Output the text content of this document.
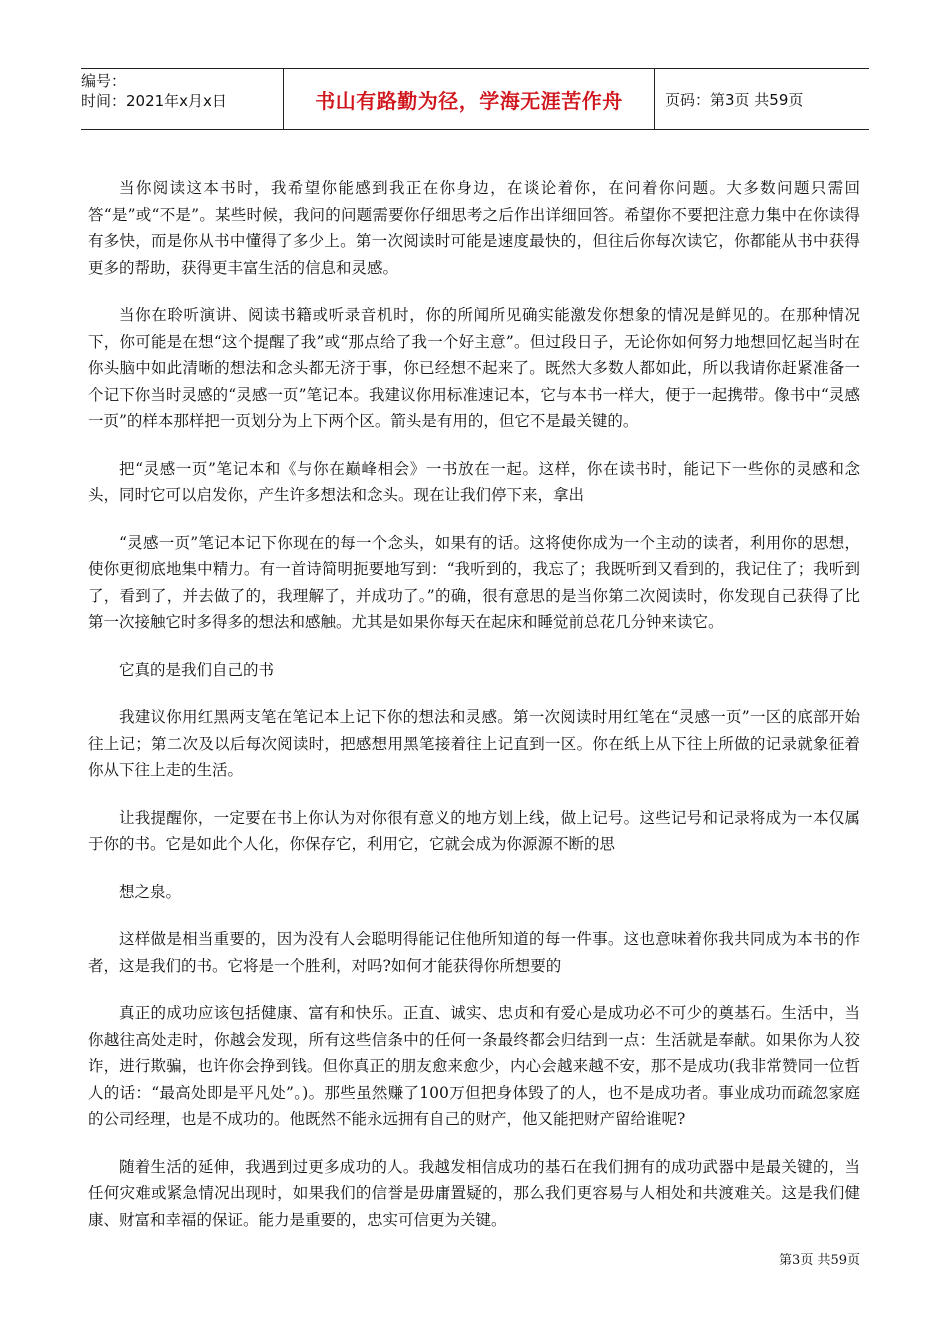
编号：
时间：2021年x月x日	书山有路勤为径，学海无涯苦作舟	页码：第3页 共59页

当你阅读这本书时，我希望你能感到我正在你身边，在谈论着你，在问着你问题。大多数问题只需回答“是”或“不是”。某些时候，我问的问题需要你仔细思考之后作出详细回答。希望你不要把注意力集中在你读得有多快，而是你从书中懂得了多少上。第一次阅读时可能是速度最快的，但往后你每次读它，你都能从书中获得更多的帮助，获得更丰富生活的信息和灵感。

当你在聆听演讲、阅读书籍或听录音机时，你的所闻所见确实能激发你想象的情况是鲜见的。在那种情况下，你可能是在想“这个提醒了我”或“那点给了我一个好主意”。但过段日子，无论你如何努力地想回忆起当时在你头脑中如此清晰的想法和念头都无济于事，你已经想不起来了。既然大多数人都如此，所以我请你赶紧准备一个记下你当时灵感的“灵感一页”笔记本。我建议你用标准速记本，它与本书一样大，便于一起携带。像书中“灵感一页”的样本那样把一页划分为上下两个区。箭头是有用的，但它不是最关键的。

把“灵感一页”笔记本和《与你在巅峰相会》一书放在一起。这样，你在读书时，能记下一些你的灵感和念头，同时它可以启发你，产生许多想法和念头。现在让我们停下来，拿出

“灵感一页”笔记本记下你现在的每一个念头，如果有的话。这将使你成为一个主动的读者，利用你的思想，使你更彻底地集中精力。有一首诗简明扼要地写到：“我听到的，我忘了；我既听到又看到的，我记住了；我听到了，看到了，并去做了的，我理解了，并成功了。”的确，很有意思的是当你第二次阅读时，你发现自己获得了比第一次接触它时多得多的想法和感触。尤其是如果你每天在起床和睡觉前总花几分钟来读它。

它真的是我们自己的书

我建议你用红黑两支笔在笔记本上记下你的想法和灵感。第一次阅读时用红笔在“灵感一页”一区的底部开始往上记；第二次及以后每次阅读时，把感想用黑笔接着往上记直到一区。你在纸上从下往上所做的记录就象征着你从下往上走的生活。

让我提醒你，一定要在书上你认为对你很有意义的地方划上线，做上记号。这些记号和记录将成为一本仅属于你的书。它是如此个人化，你保存它，利用它，它就会成为你源源不断的思

想之泉。

这样做是相当重要的，因为没有人会聪明得能记住他所知道的每一件事。这也意味着你我共同成为本书的作者，这是我们的书。它将是一个胜利，对吗?如何才能获得你所想要的

真正的成功应该包括健康、富有和快乐。正直、诚实、忠贞和有爱心是成功必不可少的奠基石。生活中，当你越往高处走时，你越会发现，所有这些信条中的任何一条最终都会归结到一点：生活就是奉献。如果你为人狡诈，进行欺骗，也许你会挣到钱。但你真正的朋友愈来愈少，内心会越来越不安，那不是成功(我非常赞同一位哲人的话：“最高处即是平凡处”。)。那些虽然赚了100万但把身体毁了的人，也不是成功者。事业成功而疏忽家庭的公司经理，也是不成功的。他既然不能永远拥有自己的财产，他又能把财产留给谁呢?

随着生活的延伸，我遇到过更多成功的人。我越发相信成功的基石在我们拥有的成功武器中是最关键的，当任何灾难或紧急情况出现时，如果我们的信誉是毋庸置疑的，那么我们更容易与人相处和共渡难关。这是我们健康、财富和幸福的保证。能力是重要的，忠实可信更为关键。

第3页 共59页
